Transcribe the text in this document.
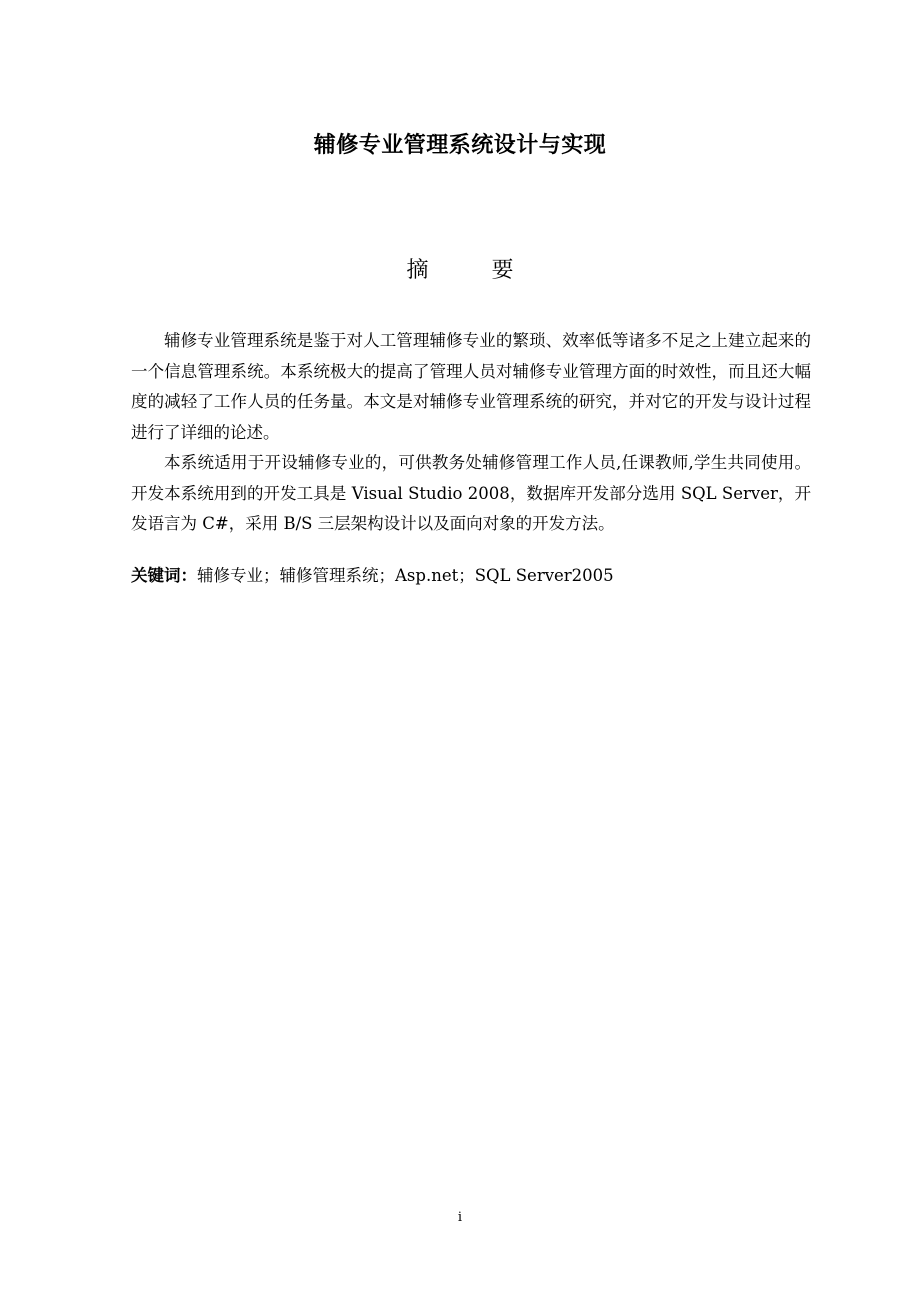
辅修专业管理系统设计与实现
摘 要

辅修专业管理系统是鉴于对人工管理辅修专业的繁琐、效率低等诸多不足之上建立起来的一个信息管理系统。本系统极大的提高了管理人员对辅修专业管理方面的时效性，而且还大幅度的减轻了工作人员的任务量。本文是对辅修专业管理系统的研究，并对它的开发与设计过程进行了详细的论述。

本系统适用于开设辅修专业的，可供教务处辅修管理工作人员,任课教师,学生共同使用。开发本系统用到的开发工具是 Visual Studio 2008，数据库开发部分选用 SQL Server，开发语言为 C#，采用 B/S 三层架构设计以及面向对象的开发方法。

关键词：辅修专业；辅修管理系统；Asp.net；SQL Server2005
i
